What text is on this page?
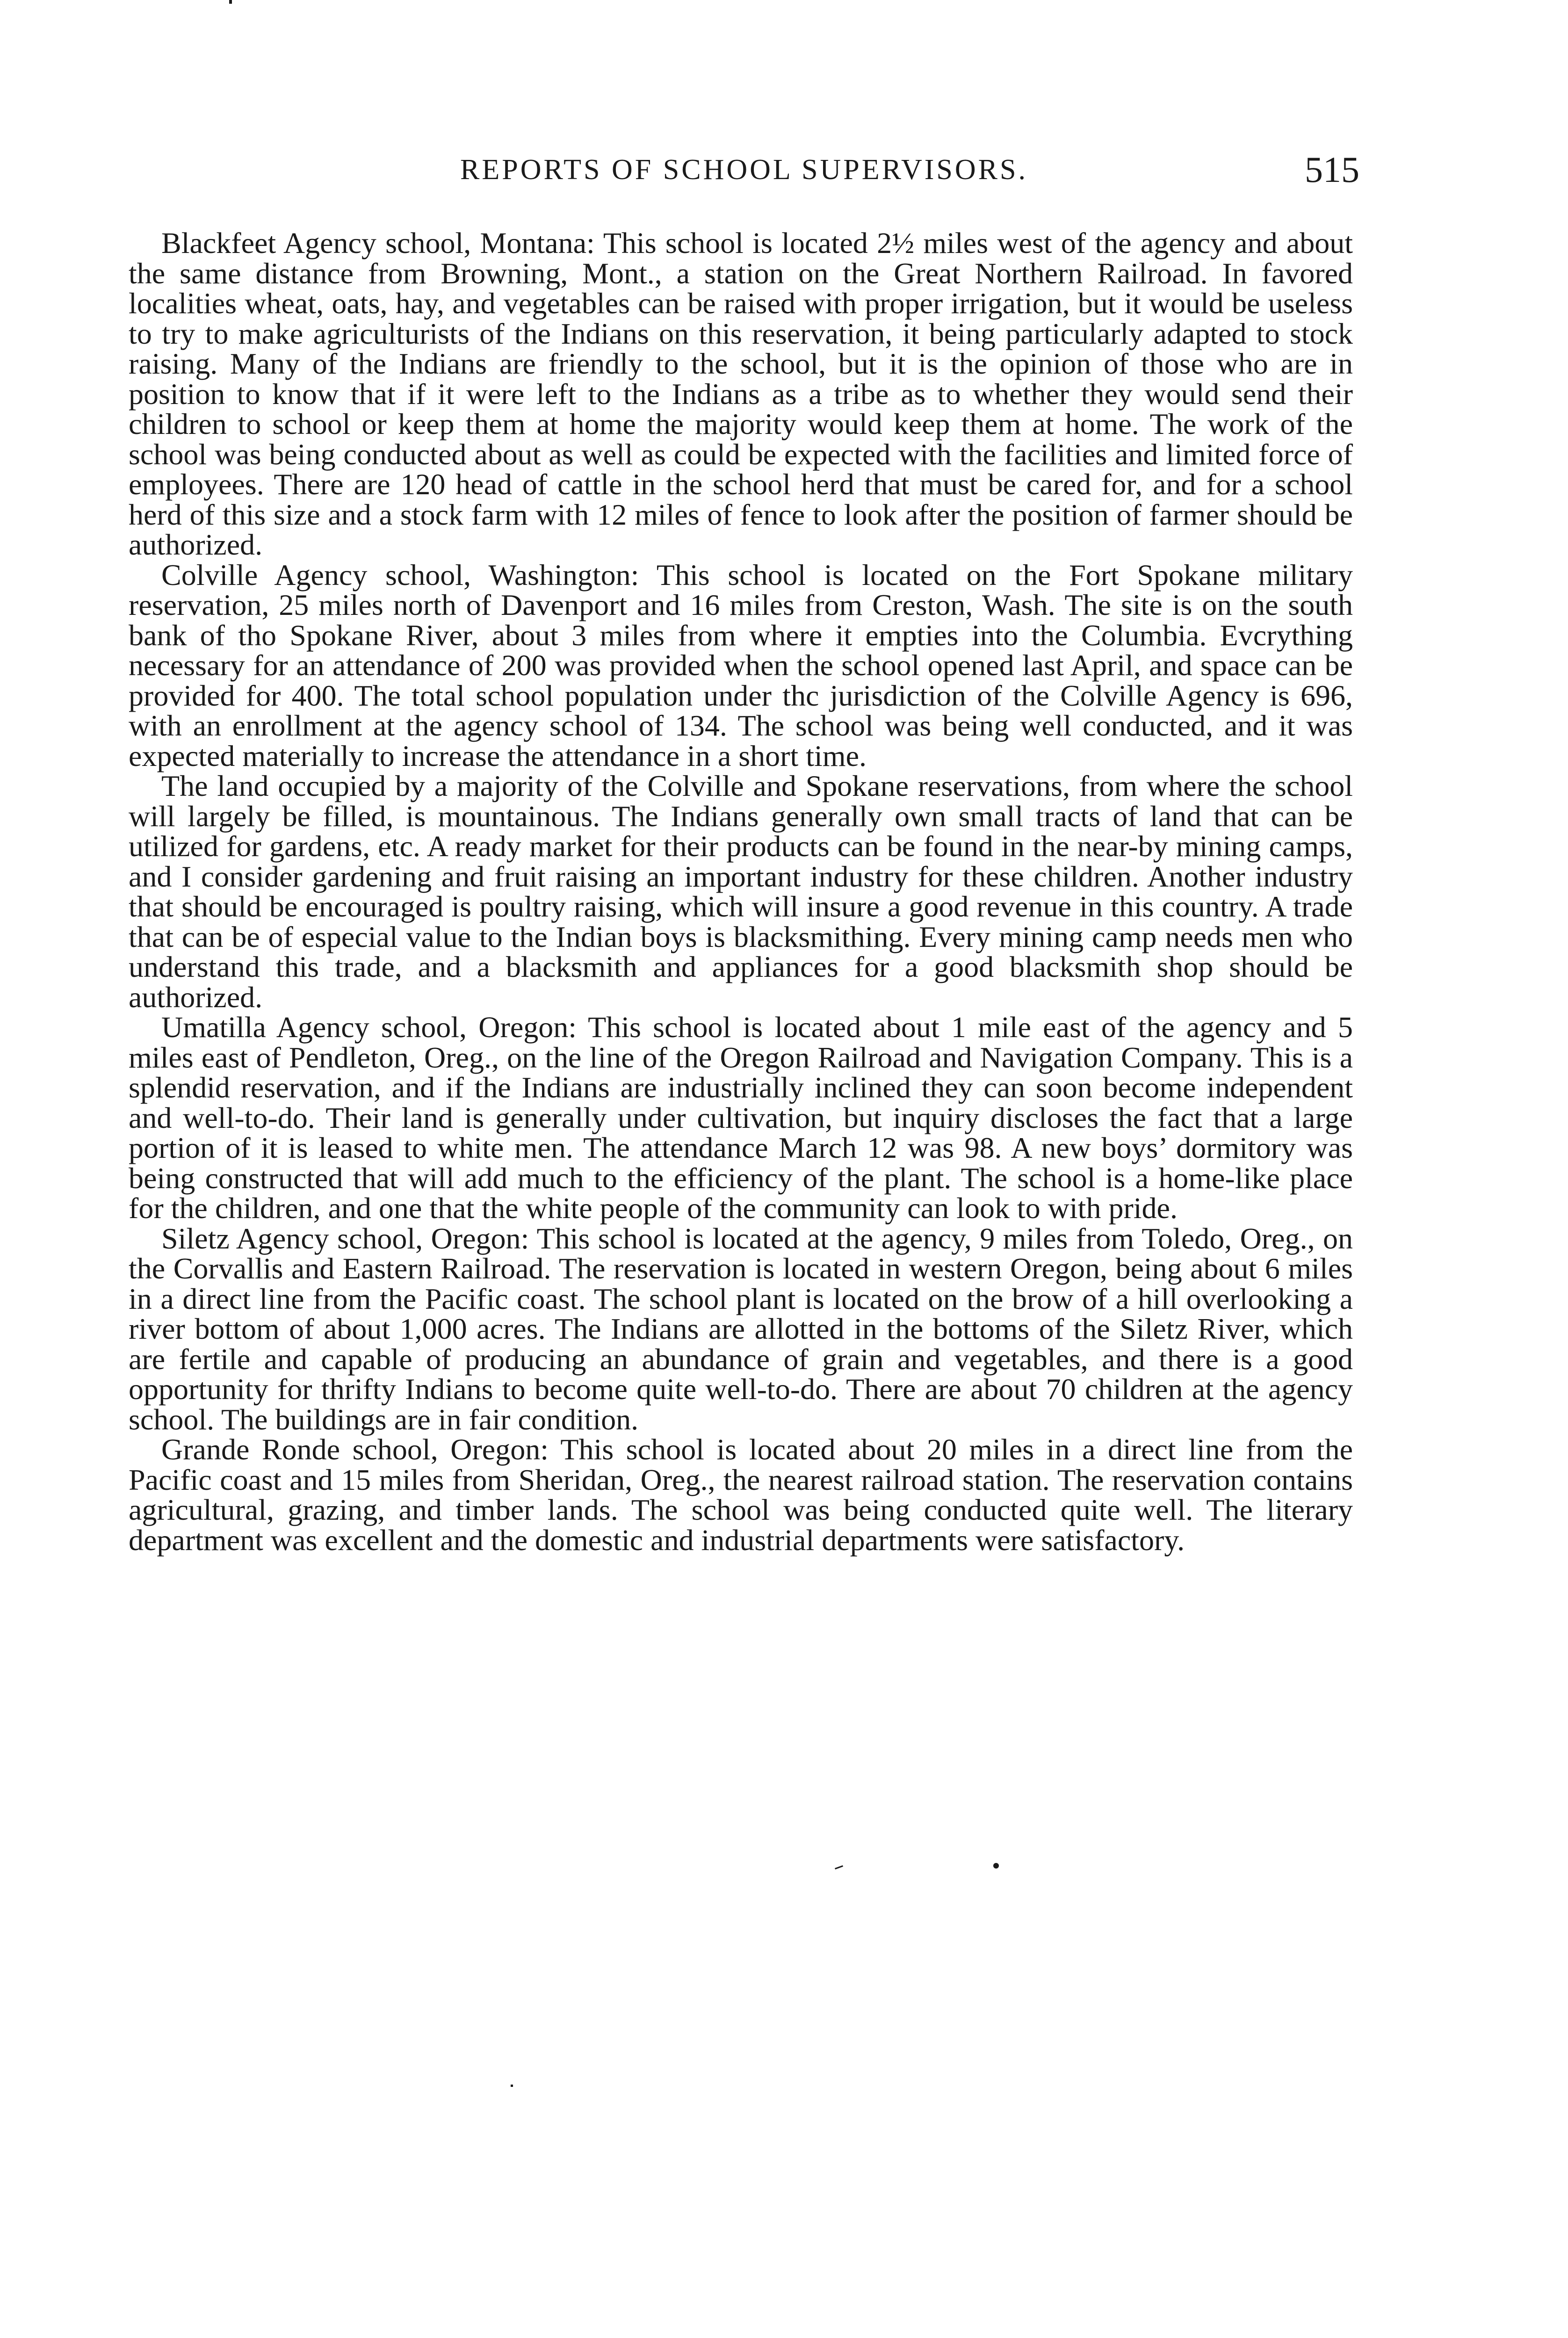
REPORTS OF SCHOOL SUPERVISORS.	515

Blackfeet Agency school, Montana: This school is located 2½ miles west of the agency and about the same distance from Browning, Mont., a station on the Great Northern Railroad. In favored localities wheat, oats, hay, and vegetables can be raised with proper irrigation, but it would be useless to try to make agriculturists of the Indians on this reservation, it being particularly adapted to stock raising. Many of the Indians are friendly to the school, but it is the opinion of those who are in position to know that if it were left to the Indians as a tribe as to whether they would send their children to school or keep them at home the majority would keep them at home. The work of the school was being conducted about as well as could be expected with the facilities and limited force of employees. There are 120 head of cattle in the school herd that must be cared for, and for a school herd of this size and a stock farm with 12 miles of fence to look after the position of farmer should be authorized.

Colville Agency school, Washington: This school is located on the Fort Spokane military reservation, 25 miles north of Davenport and 16 miles from Creston, Wash. The site is on the south bank of tho Spokane River, about 3 miles from where it empties into the Columbia. Evcrything necessary for an attendance of 200 was provided when the school opened last April, and space can be provided for 400. The total school population under thc jurisdiction of the Colville Agency is 696, with an enrollment at the agency school of 134. The school was being well conducted, and it was expected materially to increase the attendance in a short time.

The land occupied by a majority of the Colville and Spokane reservations, from where the school will largely be filled, is mountainous. The Indians generally own small tracts of land that can be utilized for gardens, etc. A ready market for their products can be found in the near-by mining camps, and I consider gardening and fruit raising an important industry for these children. Another industry that should be encouraged is poultry raising, which will insure a good revenue in this country. A trade that can be of especial value to the Indian boys is blacksmithing. Every mining camp needs men who understand this trade, and a blacksmith and appliances for a good blacksmith shop should be authorized.

Umatilla Agency school, Oregon: This school is located about 1 mile east of the agency and 5 miles east of Pendleton, Oreg., on the line of the Oregon Railroad and Navigation Company. This is a splendid reservation, and if the Indians are industrially inclined they can soon become independent and well-to-do. Their land is generally under cultivation, but inquiry discloses the fact that a large portion of it is leased to white men. The attendance March 12 was 98. A new boys’ dormitory was being constructed that will add much to the efficiency of the plant. The school is a home-like place for the children, and one that the white people of the community can look to with pride.

Siletz Agency school, Oregon: This school is located at the agency, 9 miles from Toledo, Oreg., on the Corvallis and Eastern Railroad. The reservation is located in western Oregon, being about 6 miles in a direct line from the Pacific coast. The school plant is located on the brow of a hill overlooking a river bottom of about 1,000 acres. The Indians are allotted in the bottoms of the Siletz River, which are fertile and capable of producing an abundance of grain and vegetables, and there is a good opportunity for thrifty Indians to become quite well-to-do. There are about 70 children at the agency school. The buildings are in fair condition.

Grande Ronde school, Oregon: This school is located about 20 miles in a direct line from the Pacific coast and 15 miles from Sheridan, Oreg., the nearest railroad station. The reservation contains agricultural, grazing, and timber lands. The school was being conducted quite well. The literary department was excellent and the domestic and industrial departments were satisfactory.
